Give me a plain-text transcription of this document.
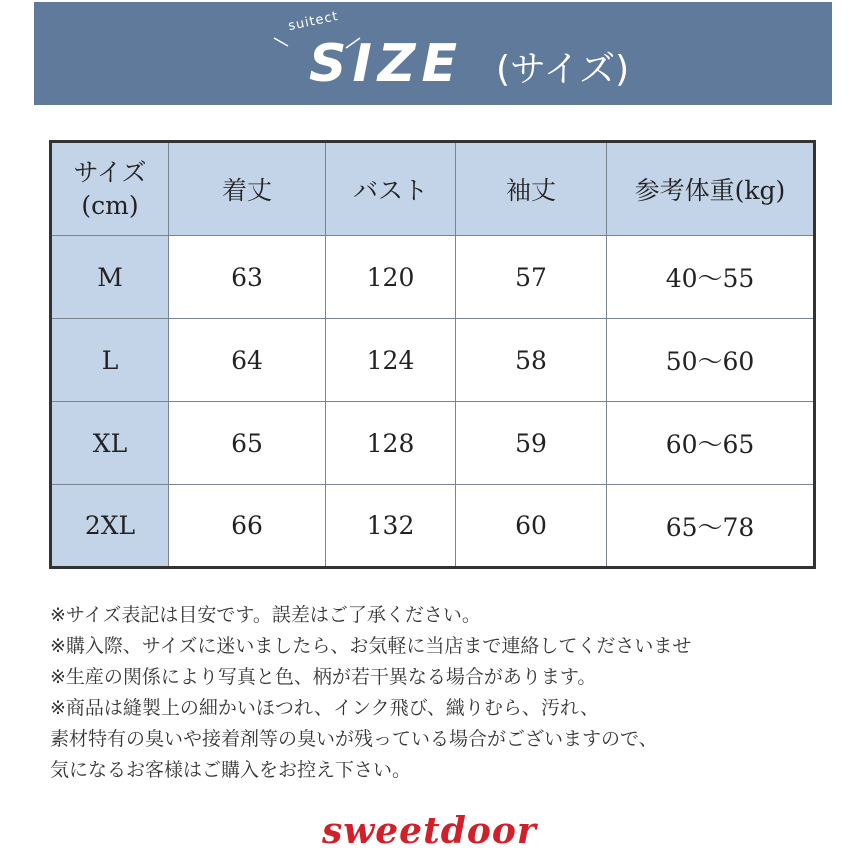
suitect
SIZE (サイズ)
サイズ
(cm)	着丈	バスト	袖丈	参考体重(kg)
M	63	120	57	40〜55
L	64	124	58	50〜60
XL	65	128	59	60〜65
2XL	66	132	60	65〜78
※サイズ表記は目安です。誤差はご了承ください。
※購入際、サイズに迷いましたら、お気軽に当店まで連絡してくださいませ
※生産の関係により写真と色、柄が若干異なる場合があります。
※商品は縫製上の細かいほつれ、インク飛び、織りむら、汚れ、
素材特有の臭いや接着剤等の臭いが残っている場合がございますので、
気になるお客様はご購入をお控え下さい。
sweetdoor
